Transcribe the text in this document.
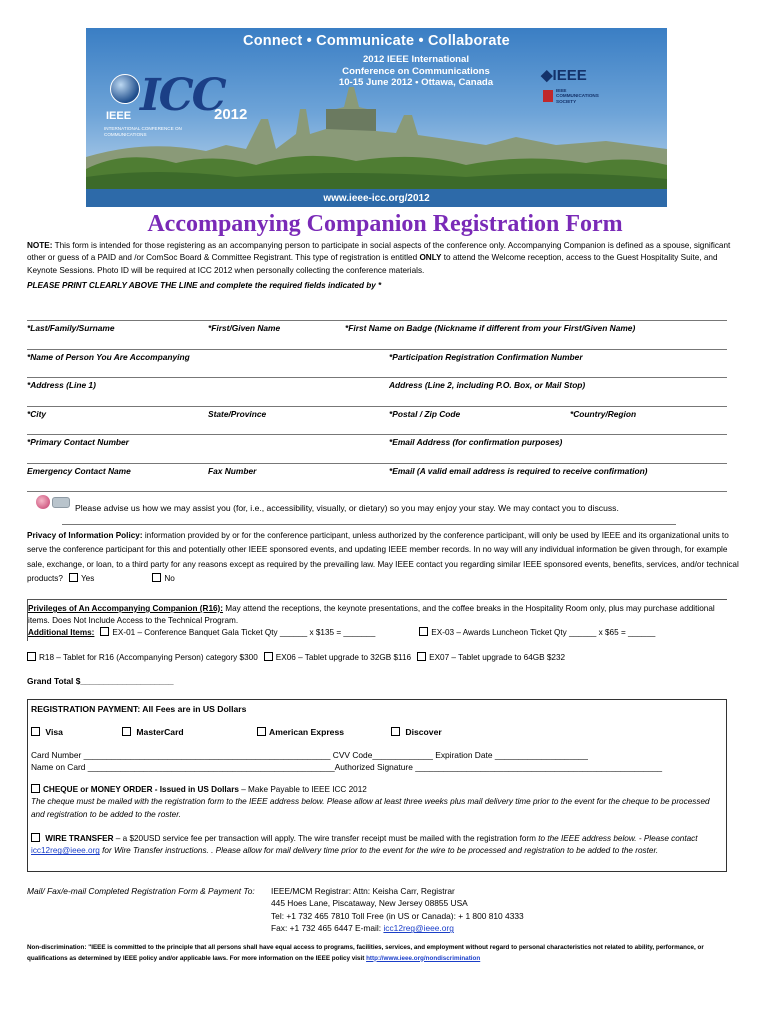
Connect • Communicate • Collaborate
2012 IEEE International
Conference on Communications
10-15 June 2012 • Ottawa, Canada
IEEE ICC
2012
INTERNATIONAL CONFERENCE ON COMMUNICATIONS
◆IEEE
IEEE COMMUNICATIONS SOCIETY
www.ieee-icc.org/2012
Accompanying Companion Registration Form
NOTE: This form is intended for those registering as an accompanying person to participate in social aspects of the conference only. Accompanying Companion is defined as a spouse, significant other or guess of a PAID and /or ComSoc Board & Committee Registrant. This type of registration is entitled ONLY to attend the Welcome reception, access to the Guest Hospitality Suite, and Keynote Sessions. Photo ID will be required at ICC 2012 when personally collecting the conference materials.
PLEASE PRINT CLEARLY ABOVE THE LINE and complete the required fields indicated by *
*Last/Family/Surname	*First/Given Name	*First Name on Badge (Nickname if different from your First/Given Name)
*Name of Person You Are Accompanying	*Participation Registration Confirmation Number
*Address (Line 1)	Address (Line 2, including P.O. Box, or Mail Stop)
*City	State/Province	*Postal / Zip Code	*Country/Region
*Primary Contact Number	*Email Address (for confirmation purposes)
Emergency Contact Name	Fax Number	*Email (A valid email address is required to receive confirmation)
Please advise us how we may assist you (for, i.e., accessibility, visually, or dietary) so you may enjoy your stay. We may contact you to discuss.
Privacy of Information Policy: information provided by or for the conference participant, unless authorized by the conference participant, will only be used by IEEE and its organizational units to serve the conference participant for this and potentially other IEEE sponsored events, and updating IEEE member records. In no way will any individual information be given through, for example sale, exchange, or loan, to a third party for any reasons except as required by the prevailing law. May IEEE contact you regarding similar IEEE sponsored events, benefits, services, and/or technical products? Yes	No

Privileges of An Accompanying Companion (R16): May attend the receptions, the keynote presentations, and the coffee breaks in the Hospitality Room only, plus may purchase additional items. Does Not Include Access to the Technical Program.

Additional Items: EX-01 – Conference Banquet Gala Ticket Qty ______ x $135 = _______	EX-03 – Awards Luncheon Ticket Qty ______ x $65 = ______

R18 – Tablet for R16 (Accompanying Person) category $300 EX06 – Tablet upgrade to 32GB $116 EX07 – Tablet upgrade to 64GB $232
Grand Total $____________________
REGISTRATION PAYMENT: All Fees are in US Dollars
Visa	MasterCard	American Express	Discover
Card Number _____________________________________________________ CVV Code_____________ Expiration Date ____________________
Name on Card _____________________________________________________Authorized Signature _____________________________________________________
CHEQUE or MONEY ORDER - Issued in US Dollars – Make Payable to IEEE ICC 2012
The cheque must be mailed with the registration form to the IEEE address below. Please allow at least three weeks plus mail delivery time prior to the event for the cheque to be processed and registration to be added to the roster.
WIRE TRANSFER – a $20USD service fee per transaction will apply. The wire transfer receipt must be mailed with the registration form to the IEEE address below. - Please contact icc12reg@ieee.org for Wire Transfer instructions. . Please allow for mail delivery time prior to the event for the wire to be processed and registration to be added to the roster.
Mail/ Fax/e-mail Completed Registration Form & Payment To: IEEE/MCM Registrar: Attn: Keisha Carr, Registrar
445 Hoes Lane, Piscataway, New Jersey 08855 USA
Tel: +1 732 465 7810 Toll Free (in US or Canada): + 1 800 810 4333
Fax: +1 732 465 6447 E-mail: icc12reg@ieee.org
Non-discrimination: "IEEE is committed to the principle that all persons shall have equal access to programs, facilities, services, and employment without regard to personal characteristics not related to ability, performance, or qualifications as determined by IEEE policy and/or applicable laws. For more information on the IEEE policy visit http://www.ieee.org/nondiscrimination
